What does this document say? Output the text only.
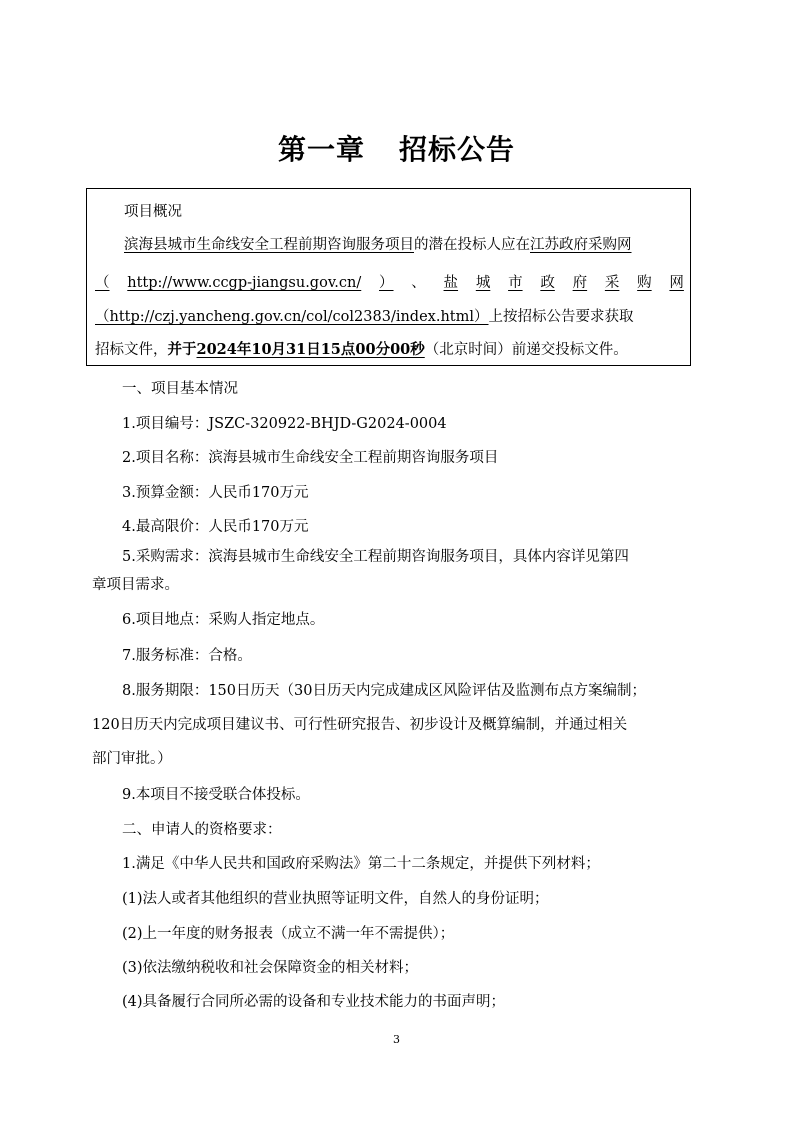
第一章 招标公告
项目概况
滨海县城市生命线安全工程前期咨询服务项目的潜在投标人应在江苏政府采购网
（ http://www.ccgp-jiangsu.gov.cn/ ） 、 盐 城 市 政 府 采 购 网
（http://czj.yancheng.gov.cn/col/col2383/index.html）上按招标公告要求获取
招标文件，并于2024年10月31日15点00分00秒（北京时间）前递交投标文件。
一、项目基本情况
1.项目编号：JSZC-320922-BHJD-G2024-0004
2.项目名称：滨海县城市生命线安全工程前期咨询服务项目
3.预算金额：人民币170万元
4.最高限价：人民币170万元
5.采购需求：滨海县城市生命线安全工程前期咨询服务项目，具体内容详见第四
章项目需求。
6.项目地点：采购人指定地点。
7.服务标准：合格。
8.服务期限：150日历天（30日历天内完成建成区风险评估及监测布点方案编制；
120日历天内完成项目建议书、可行性研究报告、初步设计及概算编制，并通过相关
部门审批。）
9.本项目不接受联合体投标。
二、申请人的资格要求：
1.满足《中华人民共和国政府采购法》第二十二条规定，并提供下列材料；
(1)法人或者其他组织的营业执照等证明文件，自然人的身份证明；
(2)上一年度的财务报表（成立不满一年不需提供）；
(3)依法缴纳税收和社会保障资金的相关材料；
(4)具备履行合同所必需的设备和专业技术能力的书面声明；
3
